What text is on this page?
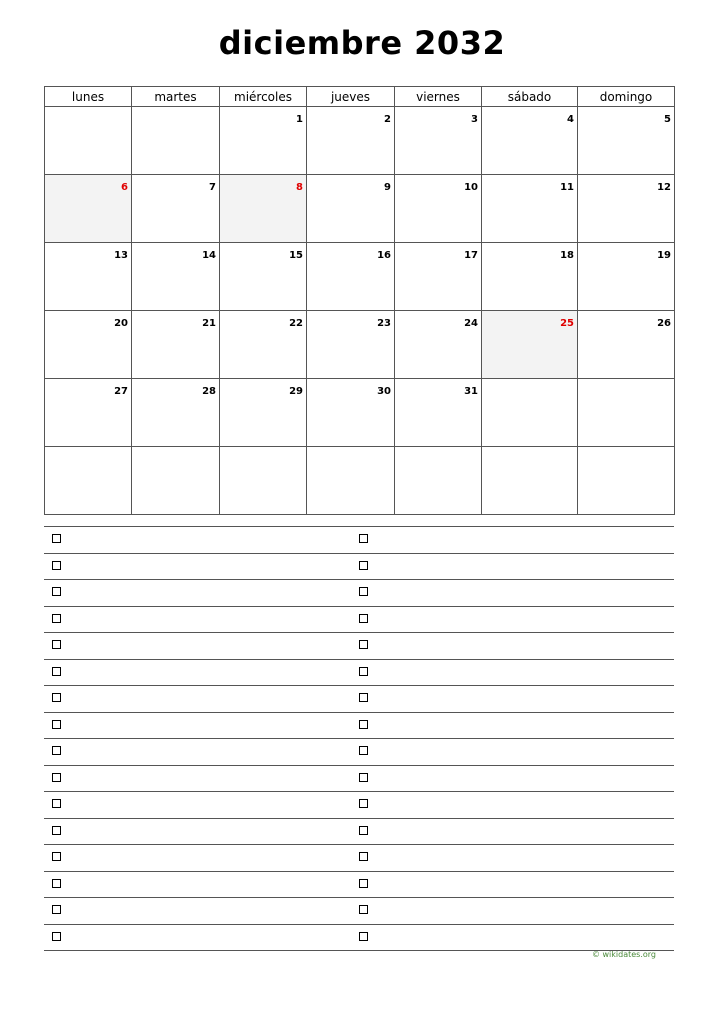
diciembre 2032
lunes	martes	miércoles	jueves	viernes	sábado	domingo
		1	2	3	4	5
6	7	8	9	10	11	12
13	14	15	16	17	18	19
20	21	22	23	24	25	26
27	28	29	30	31		

© wikidates.org
